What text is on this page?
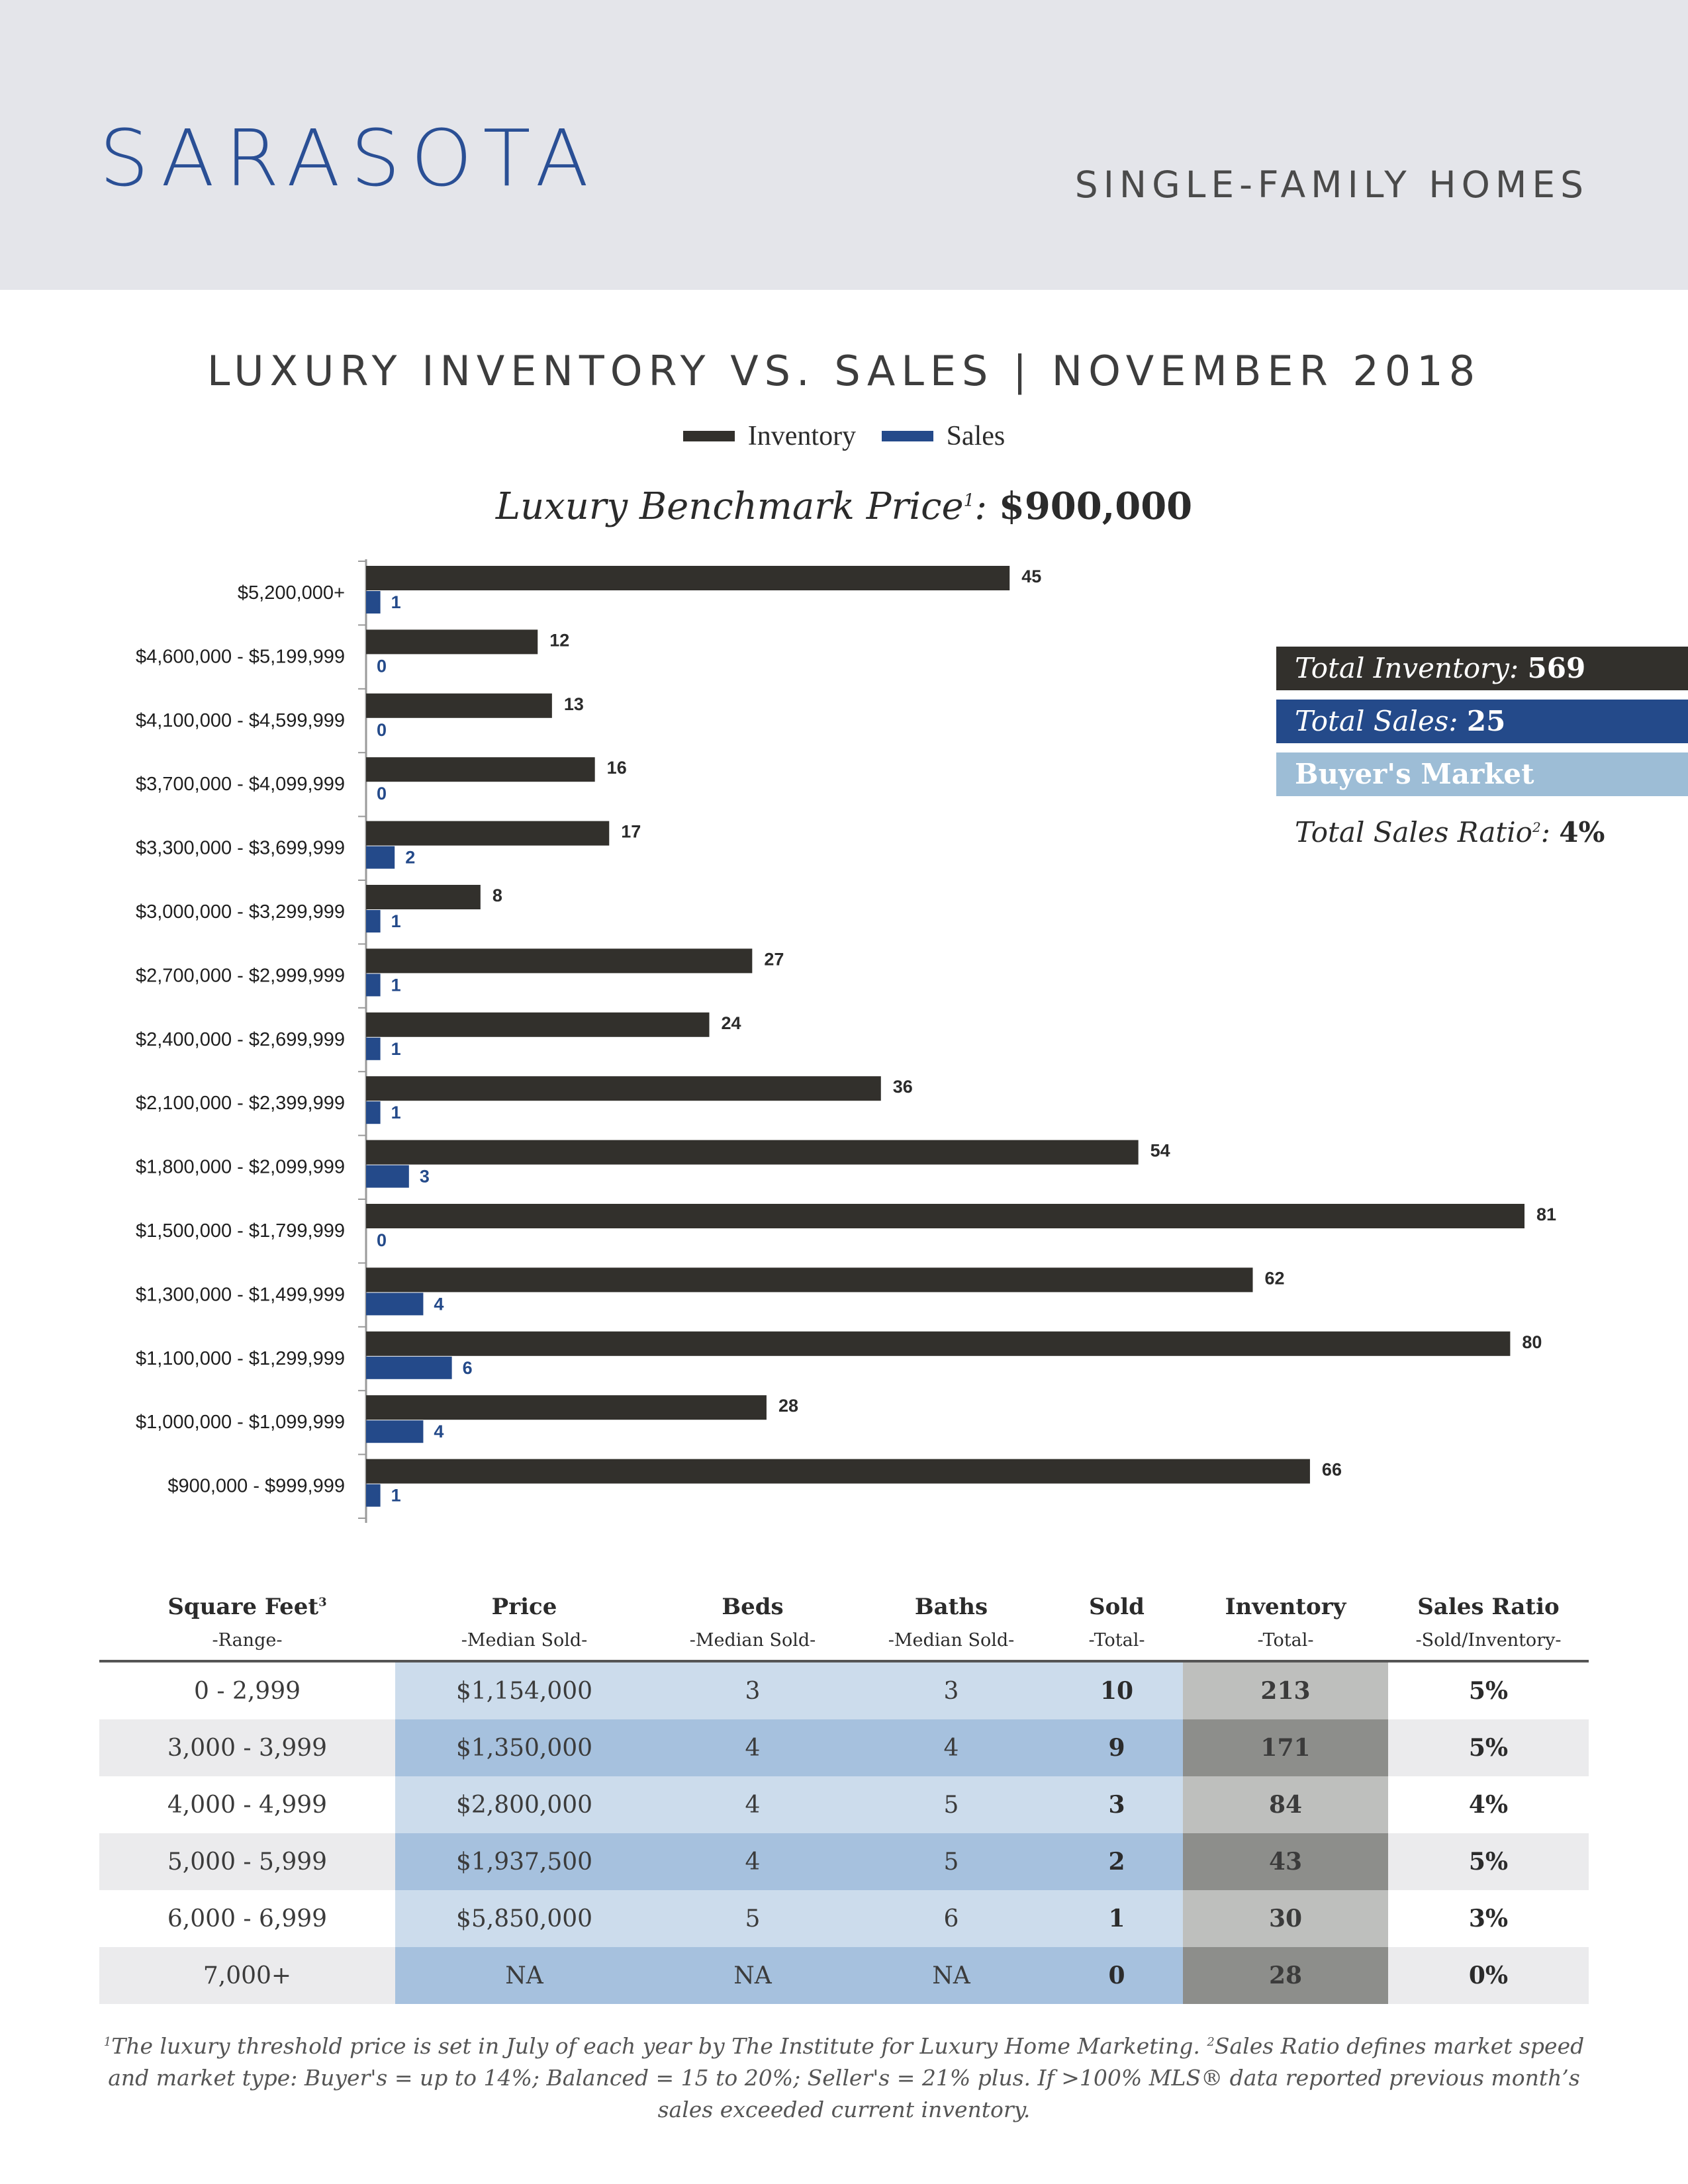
SARASOTA	SINGLE-FAMILY HOMES
LUXURY INVENTORY VS. SALES | NOVEMBER 2018
Inventory
	Sales
Luxury Benchmark Price$^1$: $900,000
$5,200,000+
45
1
$4,600,000 - $5,199,999
12
0
$4,100,000 - $4,599,999
13
0
$3,700,000 - $4,099,999
16
0
$3,300,000 - $3,699,999
17
2
$3,000,000 - $3,299,999
8
1
$2,700,000 - $2,999,999
27
1
$2,400,000 - $2,699,999
24
1
$2,100,000 - $2,399,999
36
1
$1,800,000 - $2,099,999
54
3
$1,500,000 - $1,799,999
81
0
$1,300,000 - $1,499,999
62
4
$1,100,000 - $1,299,999
80
6
$1,000,000 - $1,099,999
28
4
$900,000 - $999,999
66
1
Total Inventory: 569
Total Sales: 25
Buyer's Market
Total Sales Ratio$^2$: 4%
Square Feet$^3$	Price	Beds	Baths	Sold	Inventory	Sales Ratio
-Range-	-Median Sold-	-Median Sold-	-Median Sold-	-Total-	-Total-	-Sold/Inventory-
0 - 2,999	$1,154,000	3	3	10	213	5%
3,000 - 3,999	$1,350,000	4	4	9	171	5%
4,000 - 4,999	$2,800,000	4	5	3	84	4%
5,000 - 5,999	$1,937,500	4	5	2	43	5%
6,000 - 6,999	$5,850,000	5	6	1	30	3%
7,000+	NA	NA	NA	0	28	0%
$^1$The luxury threshold price is set in July of each year by The Institute for Luxury Home Marketing. $^2$Sales Ratio defines market speed and market type: Buyer's = up to 14%; Balanced = 15 to 20%; Seller's = 21% plus. If >100% MLS® data reported previous month’s sales exceeded current inventory.
